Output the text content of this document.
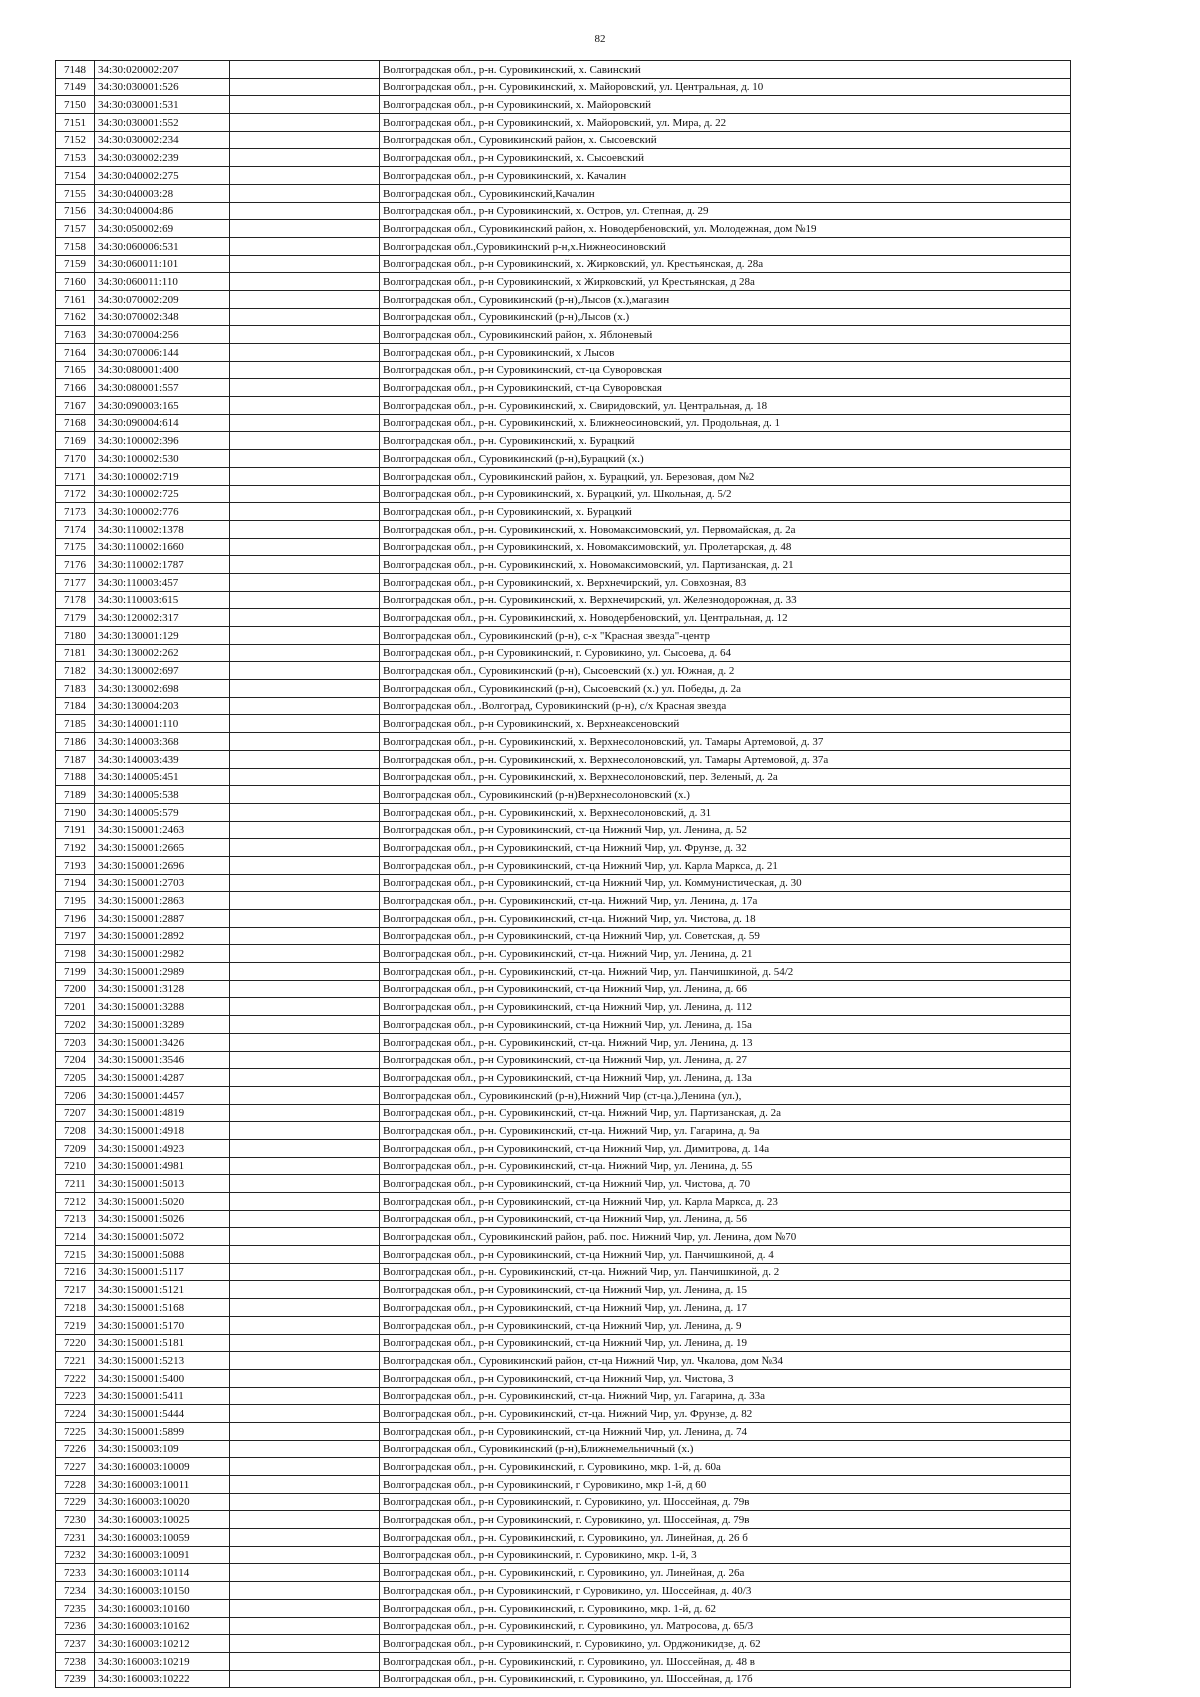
82
7148	34:30:020002:207		Волгоградская обл., р-н. Суровикинский, х. Савинский
7149	34:30:030001:526		Волгоградская обл., р-н. Суровикинский, х. Майоровский, ул. Центральная, д. 10
7150	34:30:030001:531		Волгоградская обл., р-н Суровикинский, х. Майоровский
7151	34:30:030001:552		Волгоградская обл., р-н Суровикинский, х. Майоровский, ул. Мира, д. 22
7152	34:30:030002:234		Волгоградская обл., Суровикинский район, х. Сысоевский
7153	34:30:030002:239		Волгоградская обл., р-н Суровикинский, х. Сысоевский
7154	34:30:040002:275		Волгоградская обл., р-н Суровикинский, х. Качалин
7155	34:30:040003:28		Волгоградская обл., Суровикинский,Качалин
7156	34:30:040004:86		Волгоградская обл., р-н Суровикинский, х. Остров, ул. Степная, д. 29
7157	34:30:050002:69		Волгоградская обл., Суровикинский район, х. Новодербеновский, ул. Молодежная, дом №19
7158	34:30:060006:531		Волгоградская обл.,Суровикинский р-н,х.Нижнеосиновский
7159	34:30:060011:101		Волгоградская обл., р-н Суровикинский, х. Жирковский, ул. Крестьянская, д. 28а
7160	34:30:060011:110		Волгоградская обл., р-н Суровикинский, х Жирковский, ул Крестьянская, д 28а
7161	34:30:070002:209		Волгоградская обл., Суровикинский (р-н),Лысов (х.),магазин
7162	34:30:070002:348		Волгоградская обл., Суровикинский (р-н),Лысов (х.)
7163	34:30:070004:256		Волгоградская обл., Суровикинский район, х. Яблоневый
7164	34:30:070006:144		Волгоградская обл., р-н Суровикинский, х Лысов
7165	34:30:080001:400		Волгоградская обл., р-н Суровикинский, ст-ца Суворовская
7166	34:30:080001:557		Волгоградская обл., р-н Суровикинский, ст-ца Суворовская
7167	34:30:090003:165		Волгоградская обл., р-н. Суровикинский, х. Свиридовский, ул. Центральная, д. 18
7168	34:30:090004:614		Волгоградская обл., р-н. Суровикинский, х. Ближнеосиновский, ул. Продольная, д. 1
7169	34:30:100002:396		Волгоградская обл., р-н. Суровикинский, х. Бурацкий
7170	34:30:100002:530		Волгоградская обл., Суровикинский (р-н),Бурацкий (х.)
7171	34:30:100002:719		Волгоградская обл., Суровикинский район, х. Бурацкий, ул. Березовая, дом №2
7172	34:30:100002:725		Волгоградская обл., р-н Суровикинский, х. Бурацкий, ул. Школьная, д. 5/2
7173	34:30:100002:776		Волгоградская обл., р-н Суровикинский, х. Бурацкий
7174	34:30:110002:1378		Волгоградская обл., р-н. Суровикинский, х. Новомаксимовский, ул. Первомайская, д. 2а
7175	34:30:110002:1660		Волгоградская обл., р-н Суровикинский, х. Новомаксимовский, ул. Пролетарская, д. 48
7176	34:30:110002:1787		Волгоградская обл., р-н. Суровикинский, х. Новомаксимовский, ул. Партизанская, д. 21
7177	34:30:110003:457		Волгоградская обл., р-н Суровикинский, х. Верхнечирский, ул. Совхозная, 83
7178	34:30:110003:615		Волгоградская обл., р-н. Суровикинский, х. Верхнечирский, ул. Железнодорожная, д. 33
7179	34:30:120002:317		Волгоградская обл., р-н. Суровикинский, х. Новодербеновский, ул. Центральная, д. 12
7180	34:30:130001:129		Волгоградская обл., Суровикинский (р-н), с-х "Красная звезда"-центр
7181	34:30:130002:262		Волгоградская обл., р-н Суровикинский, г. Суровикино, ул. Сысоева, д. 64
7182	34:30:130002:697		Волгоградская обл., Суровикинский (р-н), Сысоевский (х.) ул. Южная, д. 2
7183	34:30:130002:698		Волгоградская обл., Суровикинский (р-н), Сысоевский (х.) ул. Победы, д. 2а
7184	34:30:130004:203		Волгоградская обл., .Волгоград, Суровикинский (р-н), с/х Красная звезда
7185	34:30:140001:110		Волгоградская обл., р-н Суровикинский, х. Верхнеаксеновский
7186	34:30:140003:368		Волгоградская обл., р-н. Суровикинский, х. Верхнесолоновский, ул. Тамары Артемовой, д. 37
7187	34:30:140003:439		Волгоградская обл., р-н. Суровикинский, х. Верхнесолоновский, ул. Тамары Артемовой, д. 37а
7188	34:30:140005:451		Волгоградская обл., р-н. Суровикинский, х. Верхнесолоновский, пер. Зеленый, д. 2а
7189	34:30:140005:538		Волгоградская обл., Суровикинский (р-н)Верхнесолоновский (х.)
7190	34:30:140005:579		Волгоградская обл., р-н. Суровикинский, х. Верхнесолоновский, д. 31
7191	34:30:150001:2463		Волгоградская обл., р-н Суровикинский, ст-ца Нижний Чир, ул. Ленина, д. 52
7192	34:30:150001:2665		Волгоградская обл., р-н Суровикинский, ст-ца Нижний Чир, ул. Фрунзе, д. 32
7193	34:30:150001:2696		Волгоградская обл., р-н Суровикинский, ст-ца Нижний Чир, ул. Карла Маркса, д. 21
7194	34:30:150001:2703		Волгоградская обл., р-н Суровикинский, ст-ца Нижний Чир, ул. Коммунистическая, д. 30
7195	34:30:150001:2863		Волгоградская обл., р-н. Суровикинский, ст-ца. Нижний Чир, ул. Ленина, д. 17а
7196	34:30:150001:2887		Волгоградская обл., р-н. Суровикинский, ст-ца. Нижний Чир, ул. Чистова, д. 18
7197	34:30:150001:2892		Волгоградская обл., р-н Суровикинский, ст-ца Нижний Чир, ул. Советская, д. 59
7198	34:30:150001:2982		Волгоградская обл., р-н. Суровикинский, ст-ца. Нижний Чир, ул. Ленина, д. 21
7199	34:30:150001:2989		Волгоградская обл., р-н. Суровикинский, ст-ца. Нижний Чир, ул. Панчишкиной, д. 54/2
7200	34:30:150001:3128		Волгоградская обл., р-н Суровикинский, ст-ца Нижний Чир, ул. Ленина, д. 66
7201	34:30:150001:3288		Волгоградская обл., р-н Суровикинский, ст-ца Нижний Чир, ул. Ленина, д. 112
7202	34:30:150001:3289		Волгоградская обл., р-н Суровикинский, ст-ца Нижний Чир, ул. Ленина, д. 15а
7203	34:30:150001:3426		Волгоградская обл., р-н. Суровикинский, ст-ца. Нижний Чир, ул. Ленина, д. 13
7204	34:30:150001:3546		Волгоградская обл., р-н Суровикинский, ст-ца Нижний Чир, ул. Ленина, д. 27
7205	34:30:150001:4287		Волгоградская обл., р-н Суровикинский, ст-ца Нижний Чир, ул. Ленина, д. 13а
7206	34:30:150001:4457		Волгоградская обл., Суровикинский (р-н),Нижний Чир (ст-ца.),Ленина (ул.),
7207	34:30:150001:4819		Волгоградская обл., р-н. Суровикинский, ст-ца. Нижний Чир, ул. Партизанская, д. 2а
7208	34:30:150001:4918		Волгоградская обл., р-н. Суровикинский, ст-ца. Нижний Чир, ул. Гагарина, д. 9а
7209	34:30:150001:4923		Волгоградская обл., р-н Суровикинский, ст-ца Нижний Чир, ул. Димитрова, д. 14а
7210	34:30:150001:4981		Волгоградская обл., р-н. Суровикинский, ст-ца. Нижний Чир, ул. Ленина, д. 55
7211	34:30:150001:5013		Волгоградская обл., р-н Суровикинский, ст-ца Нижний Чир, ул. Чистова, д. 70
7212	34:30:150001:5020		Волгоградская обл., р-н Суровикинский, ст-ца Нижний Чир, ул. Карла Маркса, д. 23
7213	34:30:150001:5026		Волгоградская обл., р-н Суровикинский, ст-ца Нижний Чир, ул. Ленина, д. 56
7214	34:30:150001:5072		Волгоградская обл., Суровикинский район, раб. пос. Нижний Чир, ул. Ленина, дом №70
7215	34:30:150001:5088		Волгоградская обл., р-н Суровикинский, ст-ца Нижний Чир, ул. Панчишкиной, д. 4
7216	34:30:150001:5117		Волгоградская обл., р-н. Суровикинский, ст-ца. Нижний Чир, ул. Панчишкиной, д. 2
7217	34:30:150001:5121		Волгоградская обл., р-н Суровикинский, ст-ца Нижний Чир, ул. Ленина, д. 15
7218	34:30:150001:5168		Волгоградская обл., р-н Суровикинский, ст-ца Нижний Чир, ул. Ленина, д. 17
7219	34:30:150001:5170		Волгоградская обл., р-н Суровикинский, ст-ца Нижний Чир, ул. Ленина, д. 9
7220	34:30:150001:5181		Волгоградская обл., р-н Суровикинский, ст-ца Нижний Чир, ул. Ленина, д. 19
7221	34:30:150001:5213		Волгоградская обл., Суровикинский район, ст-ца Нижний Чир, ул. Чкалова, дом №34
7222	34:30:150001:5400		Волгоградская обл., р-н Суровикинский, ст-ца Нижний Чир, ул. Чистова, 3
7223	34:30:150001:5411		Волгоградская обл., р-н. Суровикинский, ст-ца. Нижний Чир, ул. Гагарина, д. 33а
7224	34:30:150001:5444		Волгоградская обл., р-н. Суровикинский, ст-ца. Нижний Чир, ул. Фрунзе, д. 82
7225	34:30:150001:5899		Волгоградская обл., р-н Суровикинский, ст-ца Нижний Чир, ул. Ленина, д. 74
7226	34:30:150003:109		Волгоградская обл., Суровикинский (р-н),Ближнемельничный (х.)
7227	34:30:160003:10009		Волгоградская обл., р-н. Суровикинский, г. Суровикино, мкр. 1-й, д. 60а
7228	34:30:160003:10011		Волгоградская обл., р-н Суровикинский, г Суровикино, мкр 1-й, д 60
7229	34:30:160003:10020		Волгоградская обл., р-н Суровикинский, г. Суровикино, ул. Шоссейная, д. 79в
7230	34:30:160003:10025		Волгоградская обл., р-н Суровикинский, г. Суровикино, ул. Шоссейная, д. 79в
7231	34:30:160003:10059		Волгоградская обл., р-н. Суровикинский, г. Суровикино, ул. Линейная, д. 26 б
7232	34:30:160003:10091		Волгоградская обл., р-н Суровикинский, г. Суровикино, мкр. 1-й, 3
7233	34:30:160003:10114		Волгоградская обл., р-н. Суровикинский, г. Суровикино, ул. Линейная, д. 26а
7234	34:30:160003:10150		Волгоградская обл., р-н Суровикинский, г Суровикино, ул. Шоссейная, д. 40/3
7235	34:30:160003:10160		Волгоградская обл., р-н. Суровикинский, г. Суровикино, мкр. 1-й, д. 62
7236	34:30:160003:10162		Волгоградская обл., р-н. Суровикинский, г. Суровикино, ул. Матросова, д. 65/3
7237	34:30:160003:10212		Волгоградская обл., р-н Суровикинский, г. Суровикино, ул. Орджоникидзе, д. 62
7238	34:30:160003:10219		Волгоградская обл., р-н. Суровикинский, г. Суровикино, ул. Шоссейная, д. 48 в
7239	34:30:160003:10222		Волгоградская обл., р-н. Суровикинский, г. Суровикино, ул. Шоссейная, д. 17б
